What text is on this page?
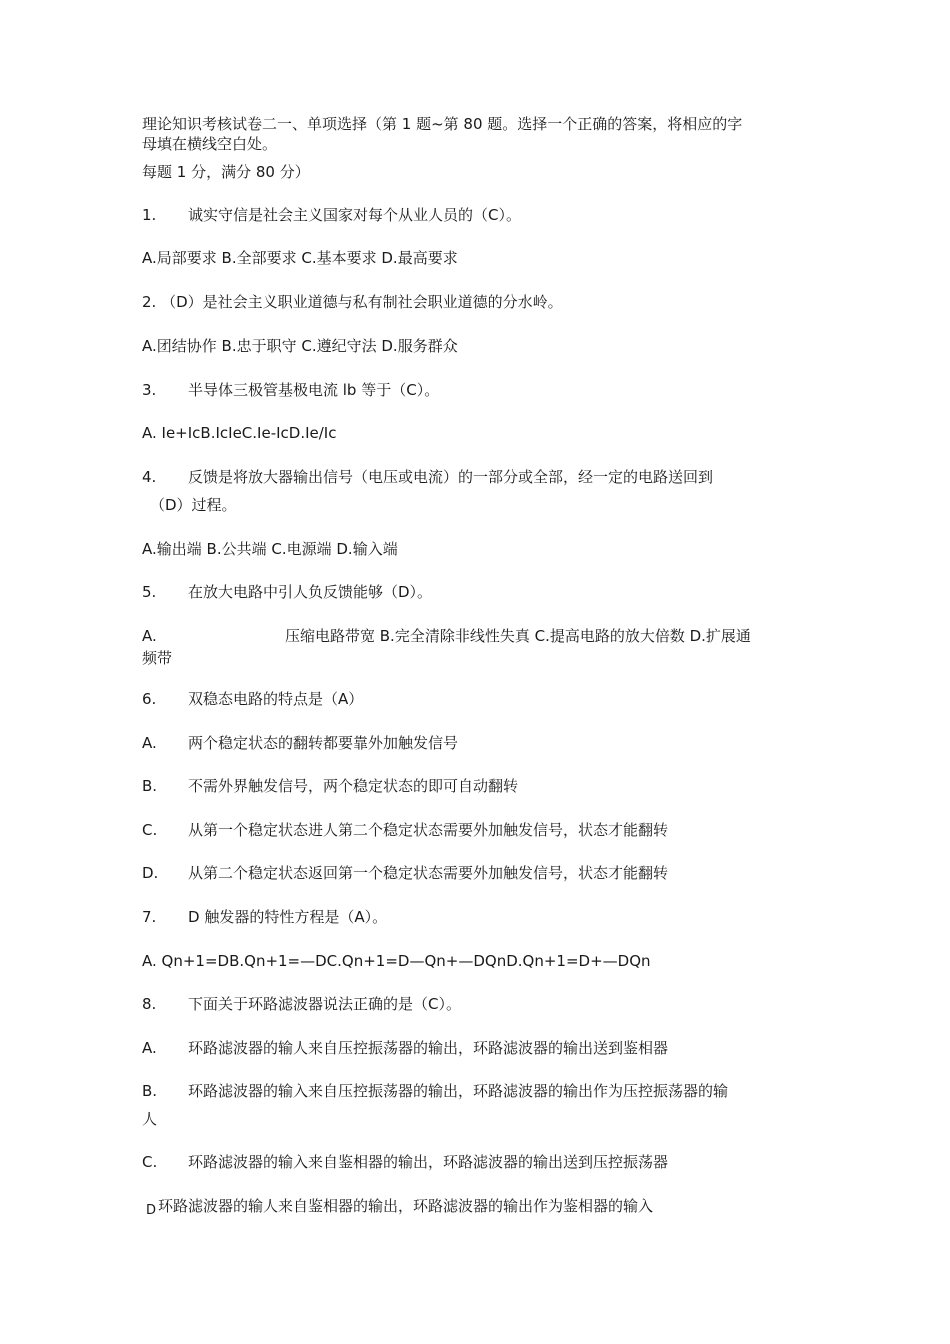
理论知识考核试卷二一、单项选择（第 1 题~第 80 题。选择一个正确的答案，将相应的字
母填在横线空白处。
每题 1 分，满分 80 分）
1. 诚实守信是社会主义国家对每个从业人员的（C）。
A.局部要求 B.全部要求 C.基本要求 D.最高要求
2. （D）是社会主义职业道德与私有制社会职业道德的分水岭。
A.团结协作 B.忠于职守 C.遵纪守法 D.服务群众
3. 半导体三极管基极电流 lb 等于（C）。
A. Ie+IcB.IcIeC.Ie-IcD.Ie/Ic
4. 反馈是将放大器输出信号（电压或电流）的一部分或全部，经一定的电路送回到
（D）过程。
A.输出端 B.公共端 C.电源端 D.输入端
5. 在放大电路中引人负反馈能够（D）。
A.	压缩电路带宽 B.完全清除非线性失真 C.提高电路的放大倍数 D.扩展通
频带
6. 双稳态电路的特点是（A）
A. 两个稳定状态的翻转都要靠外加触发信号
B. 不需外界触发信号，两个稳定状态的即可自动翻转
C. 从第一个稳定状态进人第二个稳定状态需要外加触发信号，状态才能翻转
D. 从第二个稳定状态返回第一个稳定状态需要外加触发信号，状态才能翻转
7. D 触发器的特性方程是（A）。
A. Qn+1=DB.Qn+1=—DC.Qn+1=D—Qn+—DQnD.Qn+1=D+—DQn
8. 下面关于环路滤波器说法正确的是（C）。
A. 环路滤波器的输人来自压控振荡器的输出，环路滤波器的输出送到鉴相器
B. 环路滤波器的输入来自压控振荡器的输出，环路滤波器的输出作为压控振荡器的输
人
C. 环路滤波器的输入来自鉴相器的输出，环路滤波器的输出送到压控振荡器
D 环路滤波器的输人来自鉴相器的输出，环路滤波器的输出作为鉴相器的输入
